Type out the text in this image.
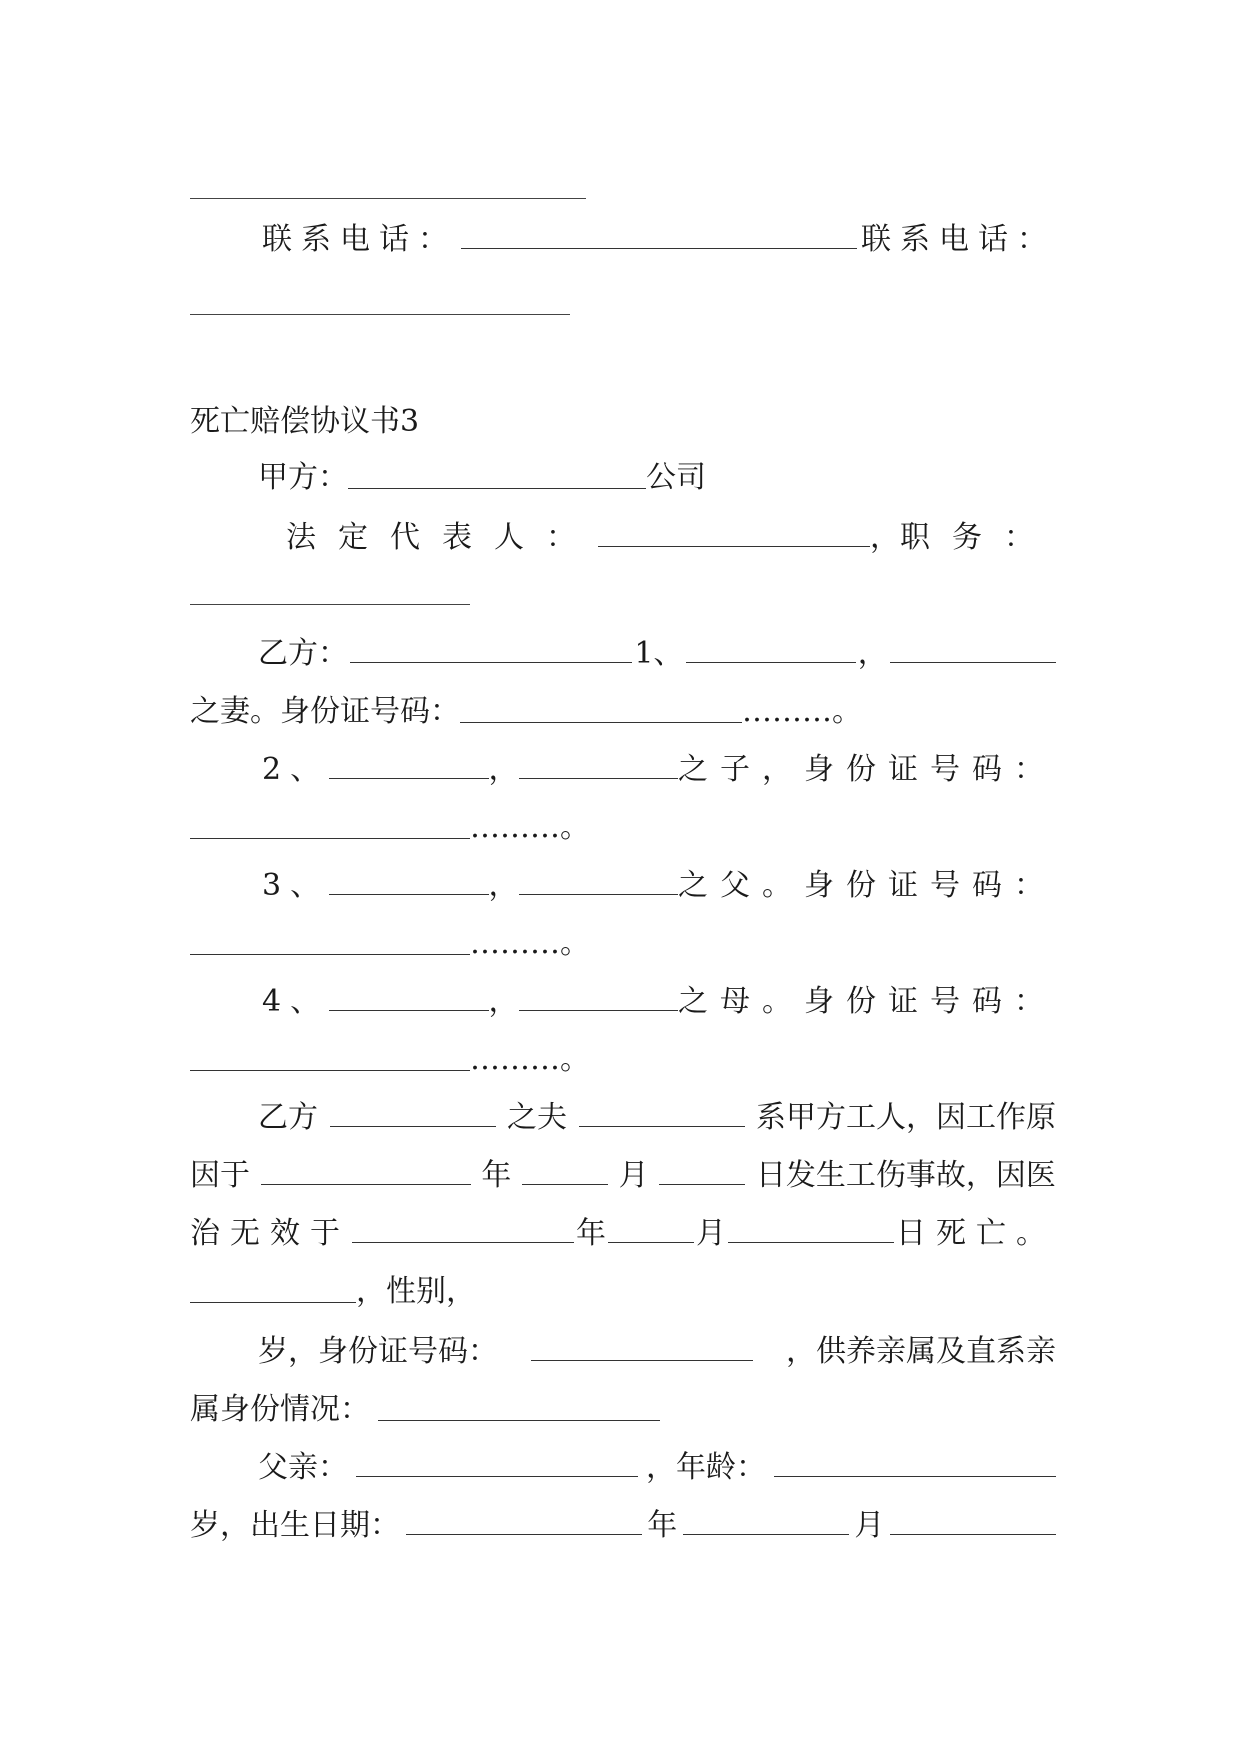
联系电话：	联系电话：
死亡赔偿协议书3
甲方：	公司
法定代表人：	， 职务：
乙方：	1、	，
之妻。身份证号码：	………。
2、	，	之子，身份证号码：
………。
3、	，	之父。身份证号码：
………。
4、	，	之母。身份证号码：
………。
乙方	之夫	系甲方工人，因工作原
因于	年	月	日发生工伤事故，因医
治无效于	年	月	日死亡。
，性别，
岁，身份证号码：	，供养亲属及直系亲
属身份情况：
父亲：	，年龄：
岁，出生日期：	年	月
